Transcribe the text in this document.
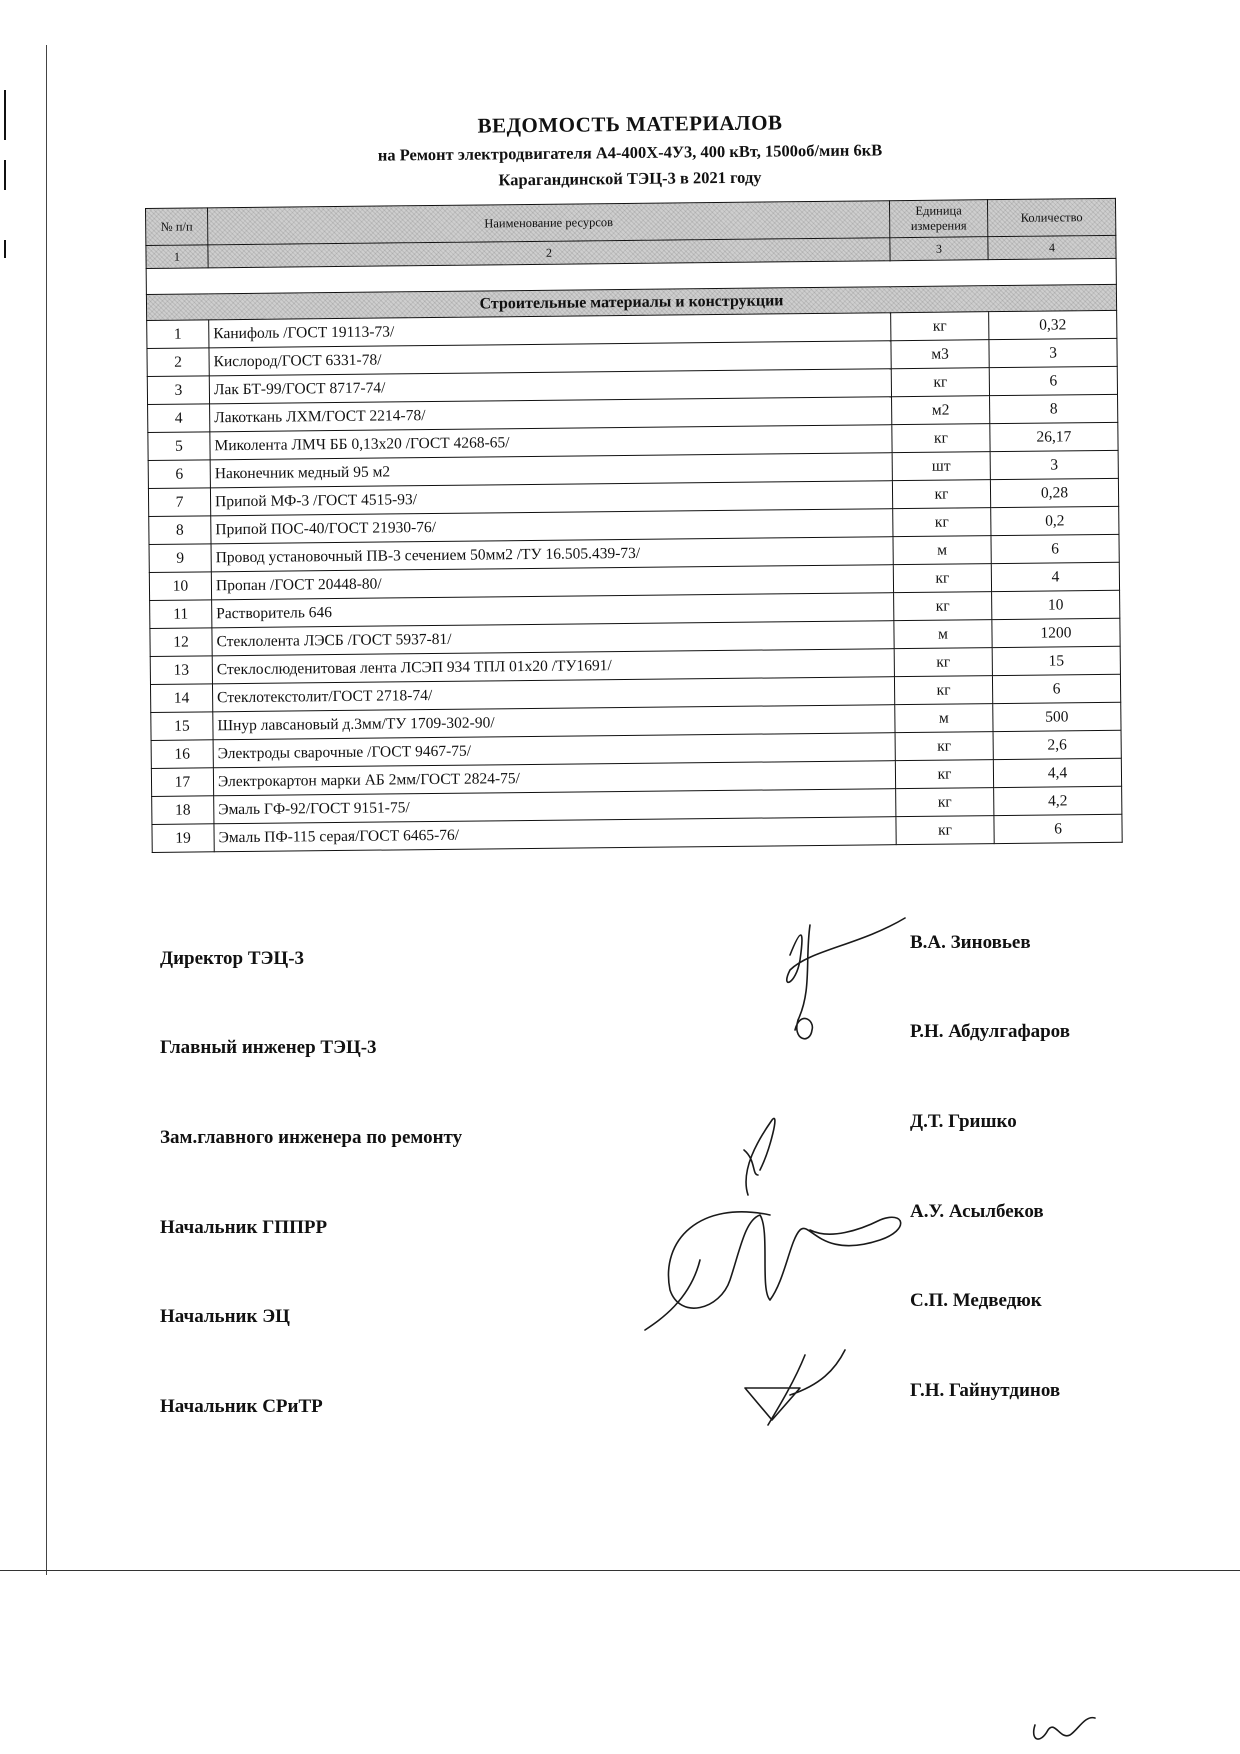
ВЕДОМОСТЬ МАТЕРИАЛОВ
на Ремонт электродвигателя А4-400Х-4У3, 400 кВт, 1500об/мин 6кВ
Карагандинской ТЭЦ-3 в 2021 году
№ п/п	Наименование ресурсов	Единица измерения	Количество
1	2	3	4

Строительные материалы и конструкции			
1	Канифоль /ГОСТ 19113-73/	кг	0,32
2	Кислород/ГОСТ 6331-78/	м3	3
3	Лак БТ-99/ГОСТ 8717-74/	кг	6
4	Лакоткань ЛХМ/ГОСТ 2214-78/	м2	8
5	Миколента ЛМЧ ББ 0,13х20 /ГОСТ 4268-65/	кг	26,17
6	Наконечник медный 95 м2	шт	3
7	Припой МФ-3 /ГОСТ 4515-93/	кг	0,28
8	Припой ПОС-40/ГОСТ 21930-76/	кг	0,2
9	Провод установочный ПВ-3 сечением 50мм2 /ТУ 16.505.439-73/	м	6
10	Пропан /ГОСТ 20448-80/	кг	4
11	Растворитель 646	кг	10
12	Стеклолента ЛЭСБ /ГОСТ 5937-81/	м	1200
13	Стеклослюденитовая лента ЛСЭП 934 ТПЛ 01х20 /ТУ1691/	кг	15
14	Стеклотекстолит/ГОСТ 2718-74/	кг	6
15	Шнур лавсановый д.3мм/ТУ 1709-302-90/	м	500
16	Электроды сварочные /ГОСТ 9467-75/	кг	2,6
17	Электрокартон марки АБ 2мм/ГОСТ 2824-75/	кг	4,4
18	Эмаль ГФ-92/ГОСТ 9151-75/	кг	4,2
19	Эмаль ПФ-115 серая/ГОСТ 6465-76/	кг	6
Директор ТЭЦ-3
В.А. Зиновьев
Главный инженер ТЭЦ-3
Р.Н. Абдулгафаров
Зам.главного инженера по ремонту
Д.Т. Гришко
Начальник ГППРР
А.У. Асылбеков
Начальник ЭЦ
С.П. Медведюк
Начальник СРиТР
Г.Н. Гайнутдинов
